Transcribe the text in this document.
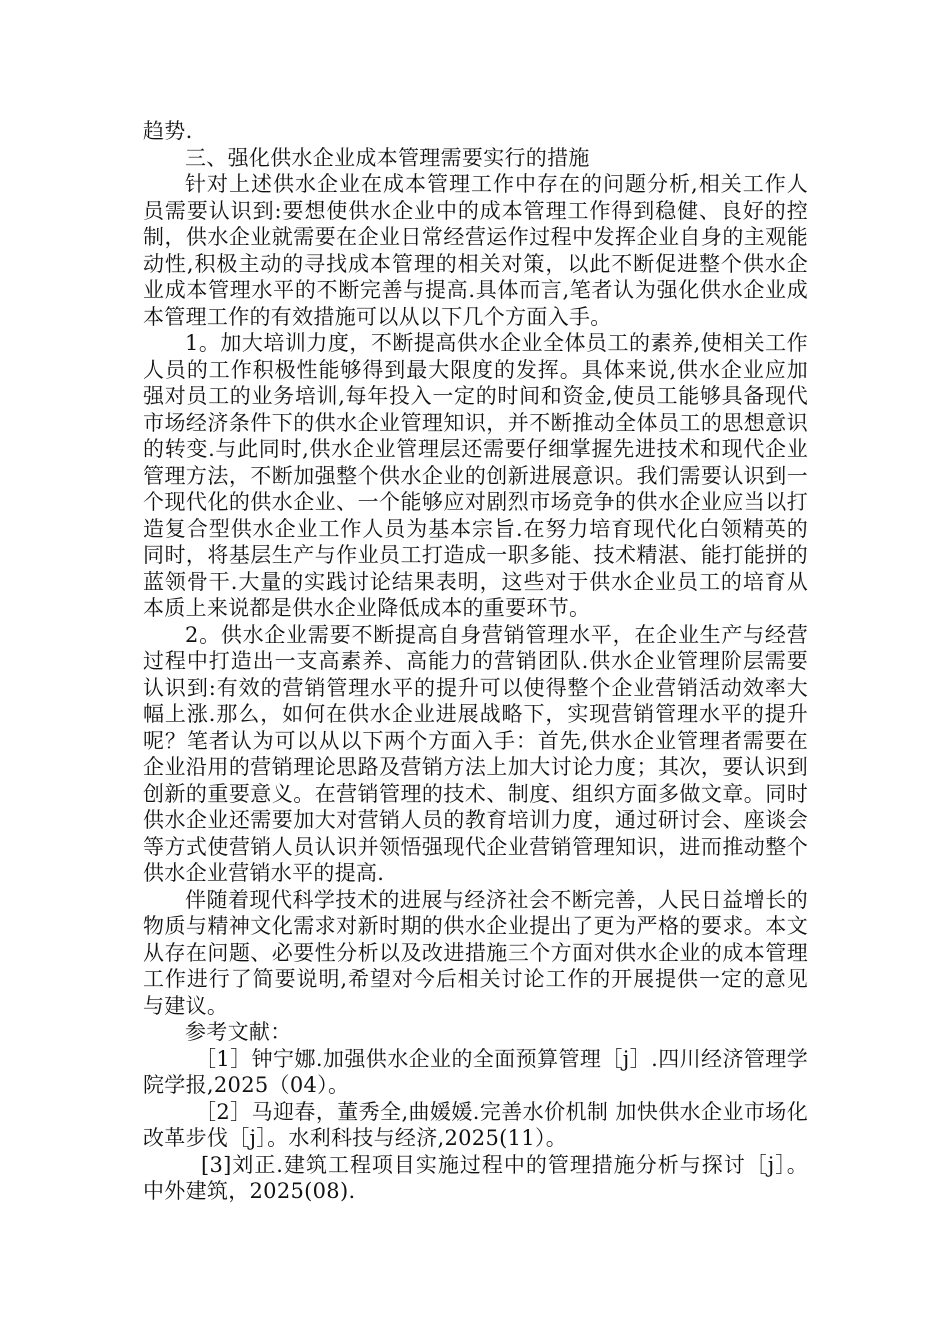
趋势.

三、强化供水企业成本管理需要实行的措施

针对上述供水企业在成本管理工作中存在的问题分析,相关工作人员需要认识到:要想使供水企业中的成本管理工作得到稳健、良好的控制，供水企业就需要在企业日常经营运作过程中发挥企业自身的主观能动性,积极主动的寻找成本管理的相关对策，以此不断促进整个供水企业成本管理水平的不断完善与提高.具体而言,笔者认为强化供水企业成本管理工作的有效措施可以从以下几个方面入手。

1。加大培训力度，不断提高供水企业全体员工的素养,使相关工作人员的工作积极性能够得到最大限度的发挥。具体来说,供水企业应加强对员工的业务培训,每年投入一定的时间和资金,使员工能够具备现代市场经济条件下的供水企业管理知识，并不断推动全体员工的思想意识的转变.与此同时,供水企业管理层还需要仔细掌握先进技术和现代企业管理方法，不断加强整个供水企业的创新进展意识。我们需要认识到一个现代化的供水企业、一个能够应对剧烈市场竞争的供水企业应当以打造复合型供水企业工作人员为基本宗旨.在努力培育现代化白领精英的同时，将基层生产与作业员工打造成一职多能、技术精湛、能打能拼的蓝领骨干.大量的实践讨论结果表明，这些对于供水企业员工的培育从本质上来说都是供水企业降低成本的重要环节。

2。供水企业需要不断提高自身营销管理水平，在企业生产与经营过程中打造出一支高素养、高能力的营销团队.供水企业管理阶层需要认识到:有效的营销管理水平的提升可以使得整个企业营销活动效率大幅上涨.那么，如何在供水企业进展战略下，实现营销管理水平的提升呢？笔者认为可以从以下两个方面入手：首先,供水企业管理者需要在企业沿用的营销理论思路及营销方法上加大讨论力度；其次，要认识到创新的重要意义。在营销管理的技术、制度、组织方面多做文章。同时供水企业还需要加大对营销人员的教育培训力度，通过研讨会、座谈会等方式使营销人员认识并领悟强现代企业营销管理知识，进而推动整个供水企业营销水平的提高.

伴随着现代科学技术的进展与经济社会不断完善，人民日益增长的物质与精神文化需求对新时期的供水企业提出了更为严格的要求。本文从存在问题、必要性分析以及改进措施三个方面对供水企业的成本管理工作进行了简要说明,希望对今后相关讨论工作的开展提供一定的意见与建议。

参考文献：

［1］钟宁娜.加强供水企业的全面预算管理［j］.四川经济管理学院学报,2025（04）。

［2］马迎春，董秀全,曲媛媛.完善水价机制 加快供水企业市场化改革步伐［j］。水利科技与经济,2025(11）。

[3]刘正.建筑工程项目实施过程中的管理措施分析与探讨［j］。中外建筑，2025(08).
